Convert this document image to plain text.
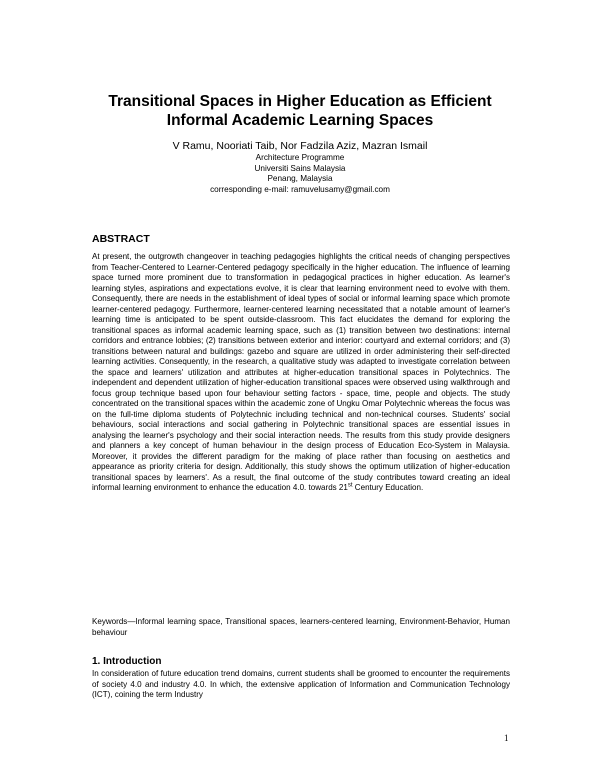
Transitional Spaces in Higher Education as Efficient
Informal Academic Learning Spaces
V Ramu, Nooriati Taib, Nor Fadzila Aziz, Mazran Ismail
Architecture Programme
Universiti Sains Malaysia
Penang, Malaysia
corresponding e-mail: ramuvelusamy@gmail.com
ABSTRACT

At present, the outgrowth changeover in teaching pedagogies highlights the critical needs of changing perspectives from Teacher-Centered to Learner-Centered pedagogy specifically in the higher education. The influence of learning space turned more prominent due to transformation in pedagogical practices in higher education. As learner's learning styles, aspirations and expectations evolve, it is clear that learning environment need to evolve with them. Consequently, there are needs in the establishment of ideal types of social or informal learning space which promote learner-centered pedagogy. Furthermore, learner-centered learning necessitated that a notable amount of learner's learning time is anticipated to be spent outside-classroom. This fact elucidates the demand for exploring the transitional spaces as informal academic learning space, such as (1) transition between two destinations: internal corridors and entrance lobbies; (2) transitions between exterior and interior: courtyard and external corridors; and (3) transitions between natural and buildings: gazebo and square are utilized in order administering their self-directed learning activities. Consequently, in the research, a qualitative study was adapted to investigate correlation between the space and learners' utilization and attributes at higher-education transitional spaces in Polytechnics. The independent and dependent utilization of higher-education transitional spaces were observed using walkthrough and focus group technique based upon four behaviour setting factors - space, time, people and objects. The study concentrated on the transitional spaces within the academic zone of Ungku Omar Polytechnic whereas the focus was on the full-time diploma students of Polytechnic including technical and non-technical courses. Students' social behaviours, social interactions and social gathering in Polytechnic transitional spaces are essential issues in analysing the learner's psychology and their social interaction needs. The results from this study provide designers and planners a key concept of human behaviour in the design process of Education Eco-System in Malaysia. Moreover, it provides the different paradigm for the making of place rather than focusing on aesthetics and appearance as priority criteria for design. Additionally, this study shows the optimum utilization of higher-education transitional spaces by learners'. As a result, the final outcome of the study contributes toward creating an ideal informal learning environment to enhance the education 4.0. towards 21st Century Education.

Keywords—Informal learning space, Transitional spaces, learners-centered learning, Environment-Behavior, Human behaviour
1. Introduction
In consideration of future education trend domains, current students shall be groomed to encounter the requirements of society 4.0 and industry 4.0. In which, the extensive application of Information and Communication Technology (ICT), coining the term Industry
1
